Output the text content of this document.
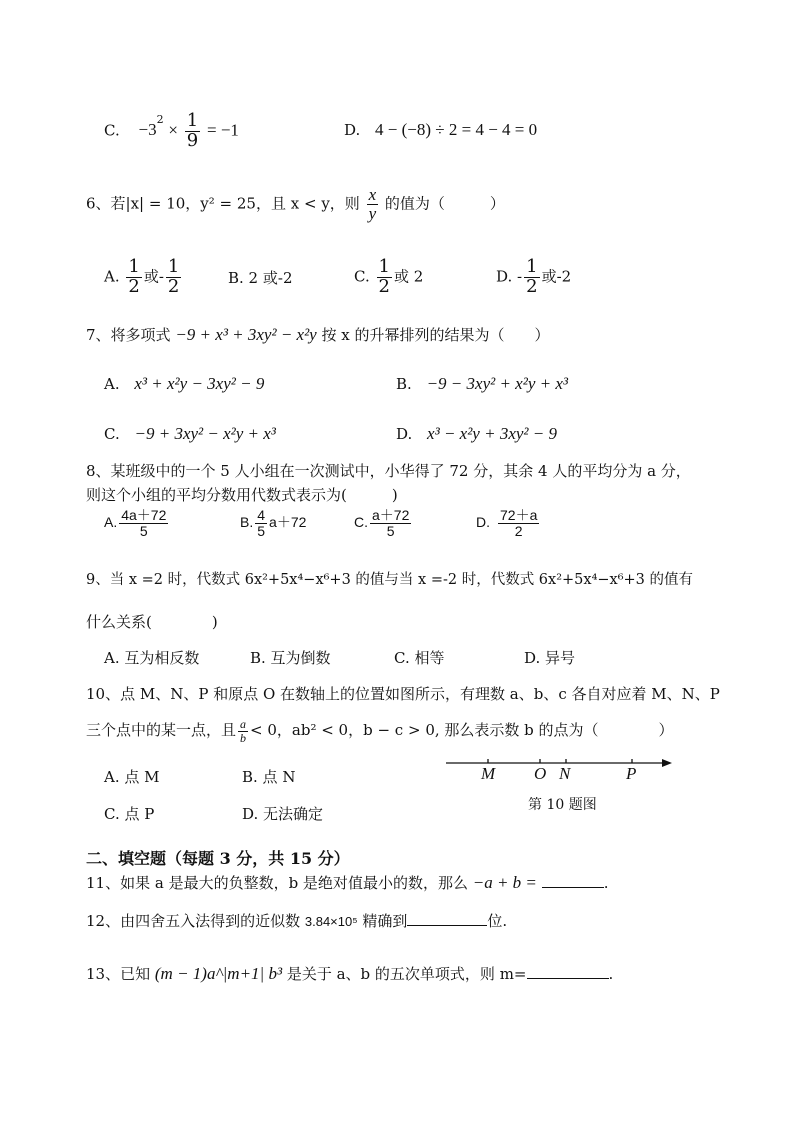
C. $-3^2 \times \frac{1}{9} = -1$	D. 4 − (−8) ÷ 2 = 4 − 4 = 0
6、若|x| = 10，y² = 25，且 x < y，则 $\frac{x}{y}$ 的值为（　　　）
A. $\frac{1}{2}$ 或- $\frac{1}{2}$	B. 2 或-2	C. $\frac{1}{2}$ 或 2	D. - $\frac{1}{2}$ 或-2
7、将多项式 −9 + x³ + 3xy² − x²y 按 x 的升幂排列的结果为（　　）
A. x³ + x²y − 3xy² − 9	B. −9 − 3xy² + x²y + x³
C. −9 + 3xy² − x²y + x³	D. x³ − x²y + 3xy² − 9
8、某班级中的一个 5 人小组在一次测试中，小华得了 72 分，其余 4 人的平均分为 a 分，
则这个小组的平均分数用代数式表示为(　　　)
A. $\frac{4a+72}{5}$	B. $\frac{4}{5} a+72$	C. $\frac{a+72}{5}$	D. $\frac{72+a}{2}$
9、当 x =2 时，代数式 6x²+5x⁴−x⁶+3 的值与当 x =-2 时，代数式 6x²+5x⁴−x⁶+3 的值有
什么关系(　　　　)
A. 互为相反数	B. 互为倒数	C. 相等	D. 异号
10、点 M、N、P 和原点 O 在数轴上的位置如图所示，有理数 a、b、c 各自对应着 M、N、P
三个点中的某一点，且 $\frac{a}{b} < 0$，ab² < 0，b − c > 0, 那么表示数 b 的点为（　　　　）
A. 点 M	B. 点 N
C. 点 P	D. 无法确定
M O N	P
第 10 题图
二、填空题（每题 3 分，共 15 分）
11、如果 a 是最大的负整数，b 是绝对值最小的数，那么 −a + b =	.
12、由四舍五入法得到的近似数 3.84×10⁵ 精确到	位.
13、已知 (m − 1)a^|m+1| b³ 是关于 a、b 的五次单项式，则 m=	.
